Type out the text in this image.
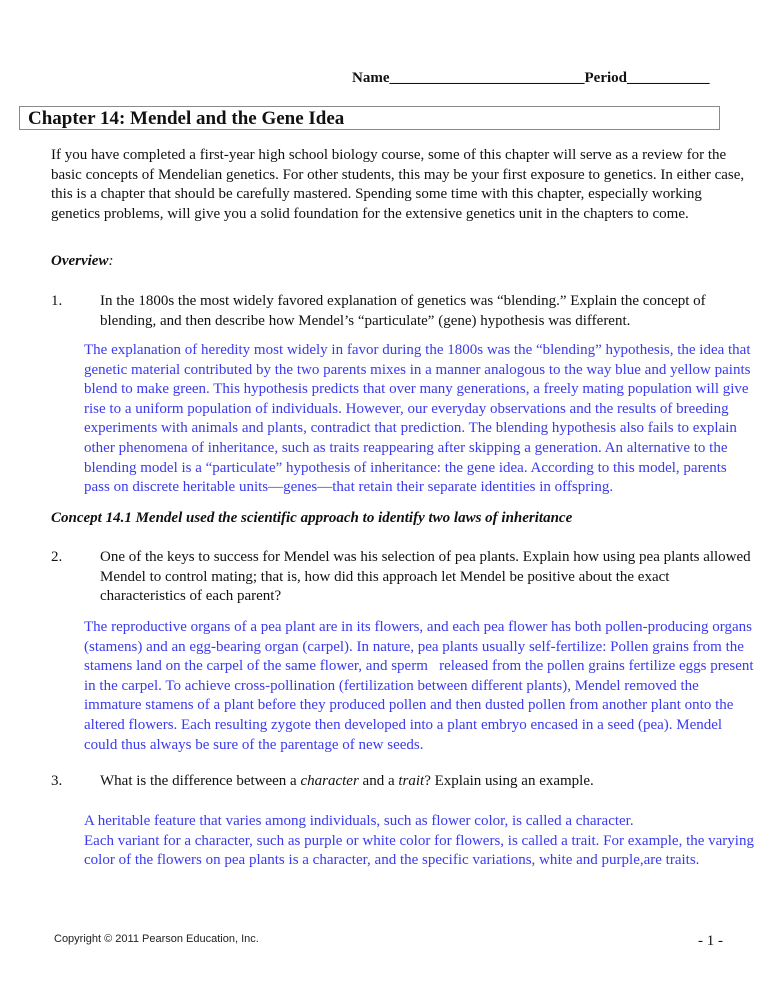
Name__________________________Period___________
Chapter 14: Mendel and the Gene Idea
If you have completed a first-year high school biology course, some of this chapter will serve as a review for the basic concepts of Mendelian genetics. For other students, this may be your first exposure to genetics. In either case, this is a chapter that should be carefully mastered. Spending some time with this chapter, especially working genetics problems, will give you a solid foundation for the extensive genetics unit in the chapters to come.
Overview:
1.	In the 1800s the most widely favored explanation of genetics was “blending.” Explain the concept of blending, and then describe how Mendel’s “particulate” (gene) hypothesis was different.
The explanation of heredity most widely in favor during the 1800s was the “blending” hypothesis, the idea that genetic material contributed by the two parents mixes in a manner analogous to the way blue and yellow paints blend to make green. This hypothesis predicts that over many generations, a freely mating population will give rise to a uniform population of individuals. However, our everyday observations and the results of breeding experiments with animals and plants, contradict that prediction. The blending hypothesis also fails to explain other phenomena of inheritance, such as traits reappearing after skipping a generation. An alternative to the blending model is a “particulate” hypothesis of inheritance: the gene idea. According to this model, parents pass on discrete heritable units—genes—that retain their separate identities in offspring.
Concept 14.1 Mendel used the scientific approach to identify two laws of inheritance
2.	One of the keys to success for Mendel was his selection of pea plants. Explain how using pea plants allowed Mendel to control mating; that is, how did this approach let Mendel be positive about the exact characteristics of each parent?
The reproductive organs of a pea plant are in its flowers, and each pea flower has both pollen-producing organs (stamens) and an egg-bearing organ (carpel). In nature, pea plants usually self-fertilize: Pollen grains from the stamens land on the carpel of the same flower, and sperm   released from the pollen grains fertilize eggs present in the carpel. To achieve cross-pollination (fertilization between different plants), Mendel removed the immature stamens of a plant before they produced pollen and then dusted pollen from another plant onto the altered flowers. Each resulting zygote then developed into a plant embryo encased in a seed (pea). Mendel could thus always be sure of the parentage of new seeds.
3.	What is the difference between a character and a trait? Explain using an example.
A heritable feature that varies among individuals, such as flower color, is called a character.
Each variant for a character, such as purple or white color for flowers, is called a trait. For example, the varying color of the flowers on pea plants is a character, and the specific variations, white and purple,are traits.
Copyright © 2011 Pearson Education, Inc.	- 1 -
